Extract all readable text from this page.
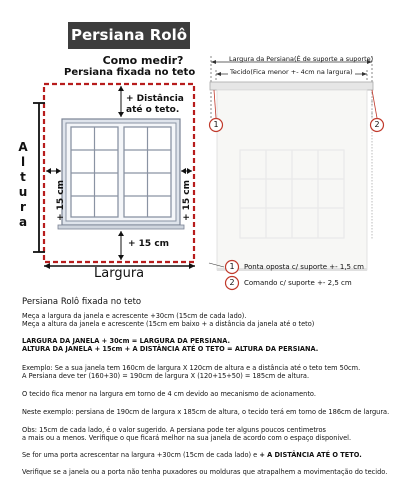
Persiana Rolô
Como medir?
Persiana fixada no teto
+ Distância até o teto.
+ 15 cm	+ 15 cm
+ 15 cm
A
l
t
u
r
a
Largura
Largura da Persiana(É de suporte a suporte)
Tecido(Fica menor +- 4cm na largura)
1	2
1 Ponta oposta c/ suporte +- 1,5 cm
2 Comando c/ suporte +- 2,5 cm
Persiana Rolô fixada no teto
Meça a largura da janela e acrescente +30cm (15cm de cada lado).
Meça a altura da janela e acrescente (15cm em baixo + a distância da janela até o teto)
LARGURA DA JANELA + 30cm = LARGURA DA PERSIANA.
ALTURA DA JANELA + 15cm + A DISTÂNCIA ATÉ O TETO = ALTURA DA PERSIANA.
Exemplo: Se a sua janela tem 160cm de largura X 120cm de altura e a distância até o teto tem 50cm.
A Persiana deve ter (160+30) = 190cm de largura X (120+15+50) = 185cm de altura.
O tecido fica menor na largura em torno de 4 cm devido ao mecanismo de acionamento.
Neste exemplo: persiana de 190cm de largura x 185cm de altura, o tecido terá em torno de 186cm de largura.
Obs: 15cm de cada lado, é o valor sugerido. A persiana pode ter alguns poucos centimetros
a mais ou a menos. Verifique o que ficará melhor na sua janela de acordo com o espaço disponivel.
Se for uma porta acrescentar na largura +30cm (15cm de cada lado) e + A DISTÂNCIA ATÉ O TETO.
Verifique se a janela ou a porta não tenha puxadores ou molduras que atrapalhem a movimentação do tecido.
